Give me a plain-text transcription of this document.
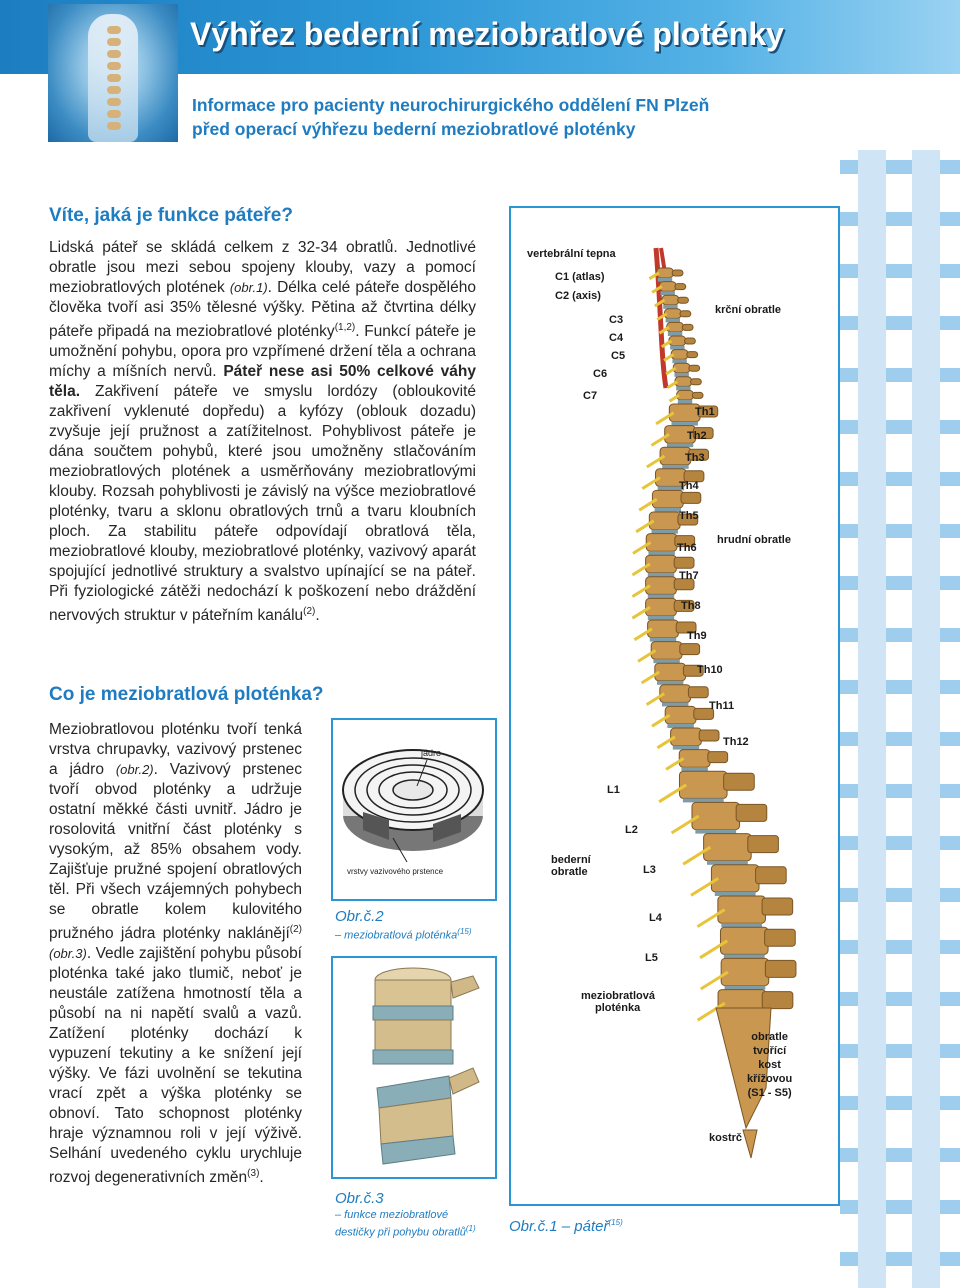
Výhřez bederní meziobratlové ploténky
Informace pro pacienty neurochirurgického oddělení FN Plzeň
před operací výhřezu bederní meziobratlové ploténky
Víte, jaká je funkce páteře?

Lidská páteř se skládá celkem z 32-34 obratlů. Jednotlivé obratle jsou mezi sebou spojeny klouby, vazy a pomocí meziobratlových plotének (obr.1). Délka celé páteře dospělého člověka tvoří asi 35% tělesné výšky. Pětina až čtvrtina délky páteře připadá na meziobratlové ploténky$^{(1,2)}$. Funkcí páteře je umožnění pohybu, opora pro vzpřímené držení těla a ochrana míchy a míšních nervů. Páteř nese asi 50% celkové váhy těla. Zakřivení páteře ve smyslu lordózy (obloukovité zakřivení vyklenuté dopředu) a kyfózy (oblouk dozadu) zvyšuje její pružnost a zatížitelnost. Pohyblivost páteře je dána součtem pohybů, které jsou umožněny stlačováním meziobratlových plotének a usměrňovány meziobratlovými klouby. Rozsah pohyblivosti je závislý na výšce meziobratlové ploténky, tvaru a sklonu obratlových trnů a tvaru kloubních ploch. Za stabilitu páteře odpovídají obratlová těla, meziobratlové klouby, meziobratlové ploténky, vazivový aparát spojující jednotlivé struktury a svalstvo upínající se na páteř. Při fyziologické zátěži nedochází k poškození nebo dráždění nervových struktur v páteřním kanálu$^{(2)}$.

Co je meziobratlová ploténka?

Meziobratlovou ploténku tvoří tenká vrstva chrupavky, vazivový prstenec a jádro (obr.2). Vazivový prstenec tvoří obvod ploténky a udržuje ostatní měkké části uvnitř. Jádro je rosolovitá vnitřní část ploténky s vysokým, až 85% obsahem vody. Zajišťuje pružné spojení obratlových těl. Při všech vzájemných pohybech se obratle kolem kulovitého pružného jádra ploténky naklánějí$^{(2)}$ (obr.3). Vedle zajištění pohybu působí ploténka také jako tlumič, neboť je neustále zatížena hmotností těla a působí na ni napětí svalů a vazů. Zatížení ploténky dochází k vypuzení tekutiny a ke snížení její výšky. Ve fázi uvolnění se tekutina vrací zpět a výška ploténky se obnoví. Tato schopnost ploténky hraje významnou roli v její výživě. Selhání uvedeného cyklu urychluje rozvoj degenerativních změn$^{(3)}$.

jádro
vrstvy vazivového prstence
Obr.č.2
– meziobratlová ploténka$^{(15)}$
Obr.č.3
– funkce meziobratlové
destičky při pohybu obratlů$^{(1)}$
vertebrální tepna
C1 (atlas)
C2 (axis)
C3
C4
C5
C6
C7
krční obratle
Th1
Th2
Th3
Th4
Th5
Th6
Th7
Th8
Th9
Th10
Th11
Th12
hrudní obratle
L1
L2
L3
L4
L5
bederní
obratle
meziobratlová
ploténka
obratle
tvořící
kost
křížovou
(S1 - S5)
kostrč
Obr.č.1 – páteř$^{(15)}$
